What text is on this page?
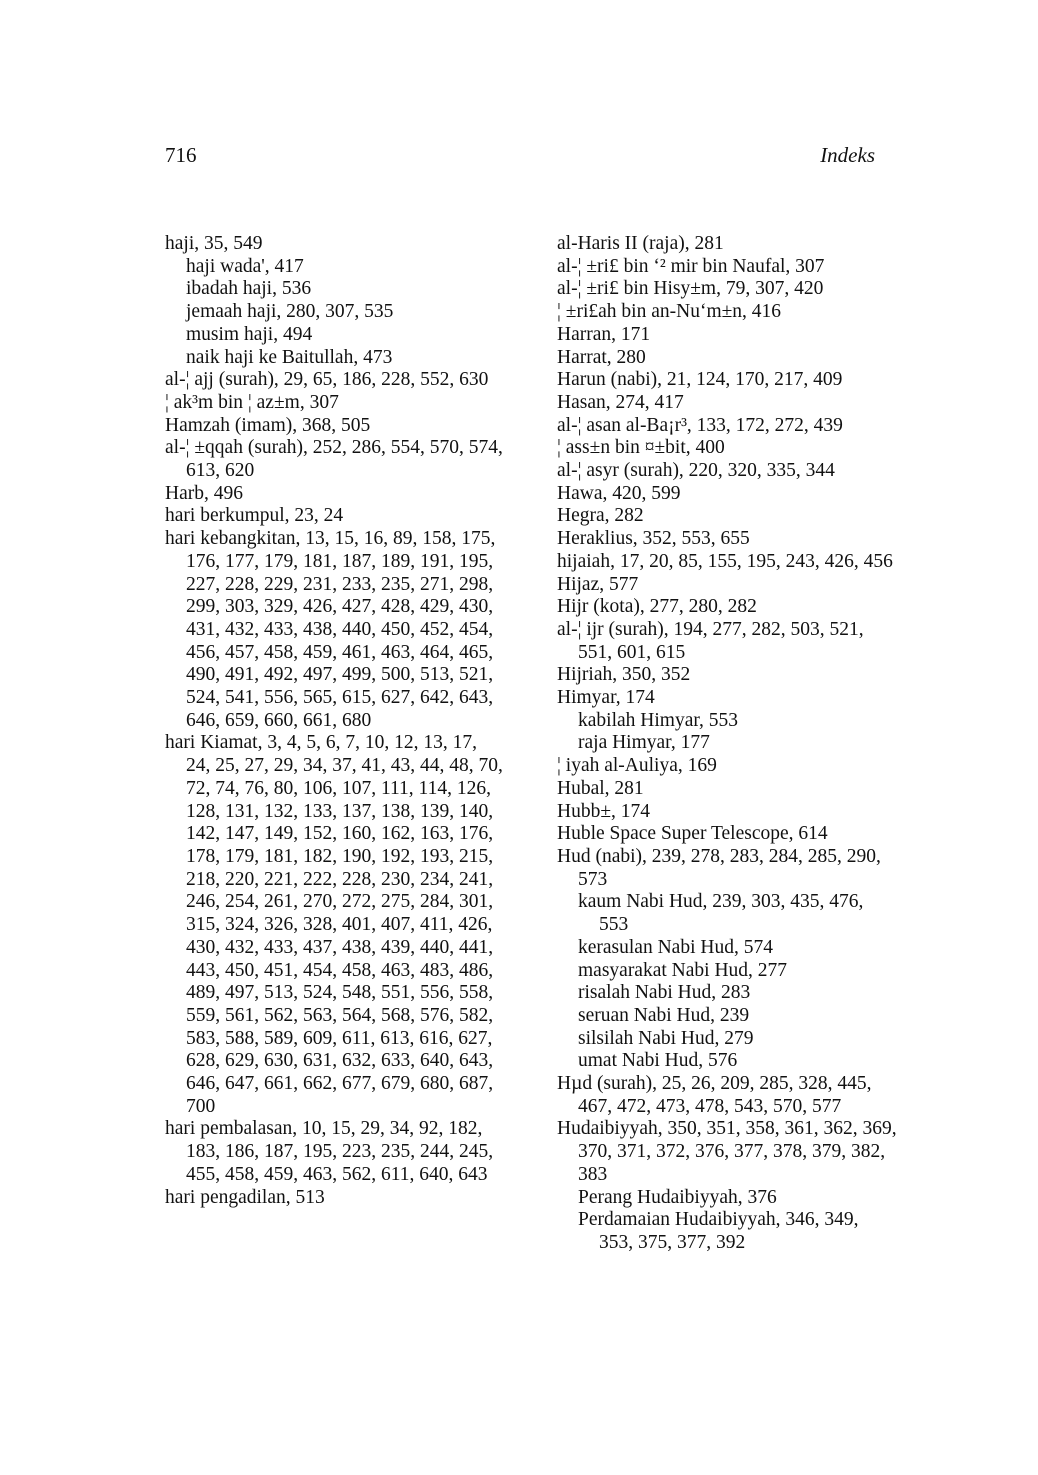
716	Indeks
haji, 35, 549
haji wada', 417
ibadah haji, 536
jemaah haji, 280, 307, 535
musim haji, 494
naik haji ke Baitullah, 473
al-¦ ajj (surah), 29, 65, 186, 228, 552, 630
¦ ak³m bin ¦ az±m, 307
Hamzah (imam), 368, 505
al-¦ ±qqah (surah), 252, 286, 554, 570, 574, 613, 620
Harb, 496
hari berkumpul, 23, 24
hari kebangkitan, 13, 15, 16, 89, 158, 175, 176, 177, 179, 181, 187, 189, 191, 195, 227, 228, 229, 231, 233, 235, 271, 298, 299, 303, 329, 426, 427, 428, 429, 430, 431, 432, 433, 438, 440, 450, 452, 454, 456, 457, 458, 459, 461, 463, 464, 465, 490, 491, 492, 497, 499, 500, 513, 521, 524, 541, 556, 565, 615, 627, 642, 643, 646, 659, 660, 661, 680
hari Kiamat, 3, 4, 5, 6, 7, 10, 12, 13, 17, 24, 25, 27, 29, 34, 37, 41, 43, 44, 48, 70, 72, 74, 76, 80, 106, 107, 111, 114, 126, 128, 131, 132, 133, 137, 138, 139, 140, 142, 147, 149, 152, 160, 162, 163, 176, 178, 179, 181, 182, 190, 192, 193, 215, 218, 220, 221, 222, 228, 230, 234, 241, 246, 254, 261, 270, 272, 275, 284, 301, 315, 324, 326, 328, 401, 407, 411, 426, 430, 432, 433, 437, 438, 439, 440, 441, 443, 450, 451, 454, 458, 463, 483, 486, 489, 497, 513, 524, 548, 551, 556, 558, 559, 561, 562, 563, 564, 568, 576, 582, 583, 588, 589, 609, 611, 613, 616, 627, 628, 629, 630, 631, 632, 633, 640, 643, 646, 647, 661, 662, 677, 679, 680, 687, 700
hari pembalasan, 10, 15, 29, 34, 92, 182, 183, 186, 187, 195, 223, 235, 244, 245, 455, 458, 459, 463, 562, 611, 640, 643
hari pengadilan, 513
al-Haris II (raja), 281
al-¦ ±ri£ bin ‘² mir bin Naufal, 307
al-¦ ±ri£ bin Hisy±m, 79, 307, 420
¦ ±ri£ah bin an-Nu‘m±n, 416
Harran, 171
Harrat, 280
Harun (nabi), 21, 124, 170, 217, 409
Hasan, 274, 417
al-¦ asan al-Ba¡r³, 133, 172, 272, 439
¦ ass±n bin ¤±bit, 400
al-¦ asyr (surah), 220, 320, 335, 344
Hawa, 420, 599
Hegra, 282
Heraklius, 352, 553, 655
hijaiah, 17, 20, 85, 155, 195, 243, 426, 456
Hijaz, 577
Hijr (kota), 277, 280, 282
al-¦ ijr (surah), 194, 277, 282, 503, 521, 551, 601, 615
Hijriah, 350, 352
Himyar, 174
kabilah Himyar, 553
raja Himyar, 177
¦ iyah al-Auliya, 169
Hubal, 281
Hubb±, 174
Huble Space Super Telescope, 614
Hud (nabi), 239, 278, 283, 284, 285, 290, 573
kaum Nabi Hud, 239, 303, 435, 476, 553
kerasulan Nabi Hud, 574
masyarakat Nabi Hud, 277
risalah Nabi Hud, 283
seruan Nabi Hud, 239
silsilah Nabi Hud, 279
umat Nabi Hud, 576
Hµd (surah), 25, 26, 209, 285, 328, 445, 467, 472, 473, 478, 543, 570, 577
Hudaibiyyah, 350, 351, 358, 361, 362, 369, 370, 371, 372, 376, 377, 378, 379, 382, 383
Perang Hudaibiyyah, 376
Perdamaian Hudaibiyyah, 346, 349, 353, 375, 377, 392
